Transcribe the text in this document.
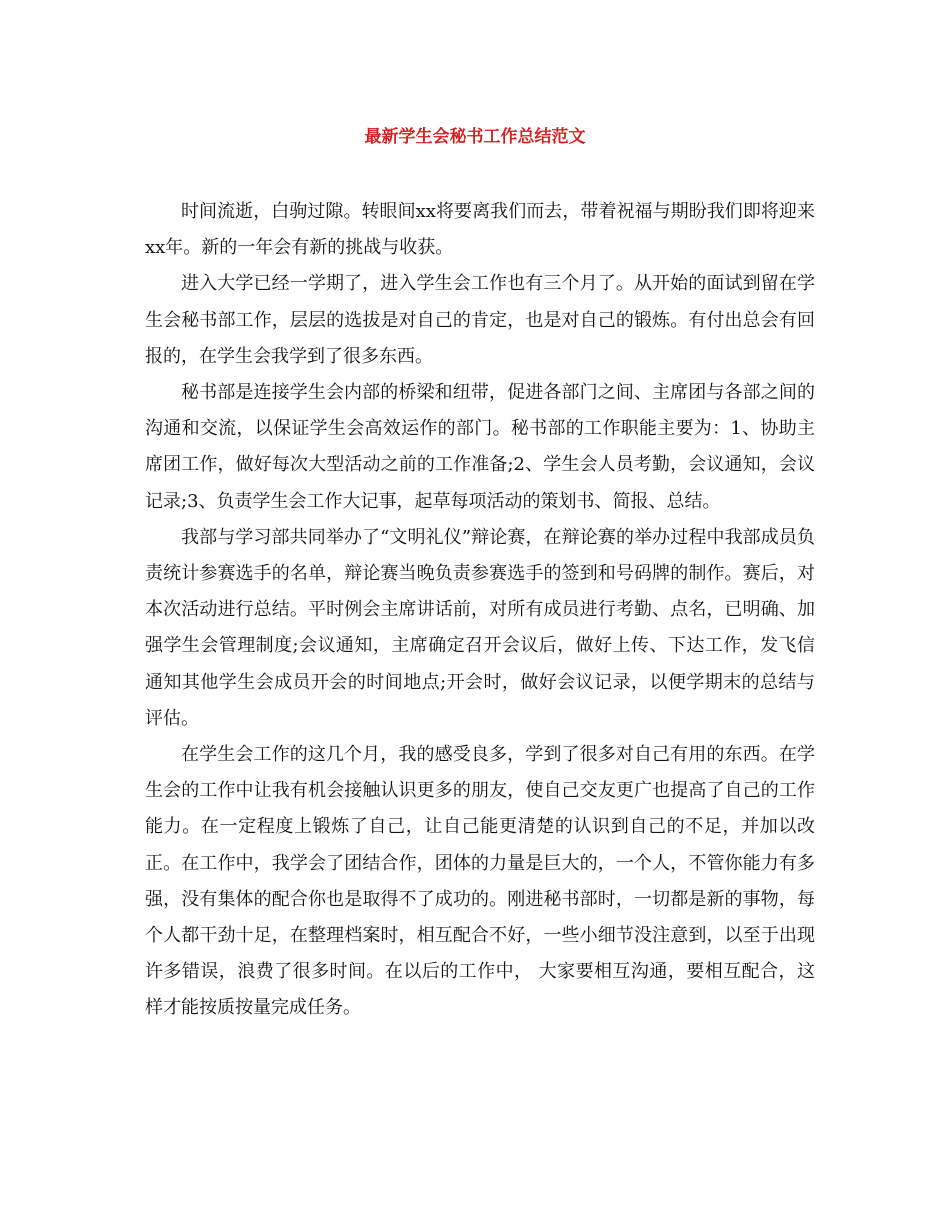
最新学生会秘书工作总结范文

时间流逝，白驹过隙。转眼间xx将要离我们而去，带着祝福与期盼我们即将迎来xx年。新的一年会有新的挑战与收获。

进入大学已经一学期了，进入学生会工作也有三个月了。从开始的面试到留在学生会秘书部工作，层层的选拔是对自己的肯定，也是对自己的锻炼。有付出总会有回报的，在学生会我学到了很多东西。

秘书部是连接学生会内部的桥梁和纽带，促进各部门之间、主席团与各部之间的沟通和交流，以保证学生会高效运作的部门。秘书部的工作职能主要为：1、协助主席团工作，做好每次大型活动之前的工作准备;2、学生会人员考勤，会议通知，会议记录;3、负责学生会工作大记事，起草每项活动的策划书、简报、总结。

我部与学习部共同举办了“文明礼仪”辩论赛，在辩论赛的举办过程中我部成员负责统计参赛选手的名单，辩论赛当晚负责参赛选手的签到和号码牌的制作。赛后，对本次活动进行总结。平时例会主席讲话前，对所有成员进行考勤、点名，已明确、加强学生会管理制度;会议通知，主席确定召开会议后，做好上传、下达工作，发飞信通知其他学生会成员开会的时间地点;开会时，做好会议记录，以便学期末的总结与评估。

在学生会工作的这几个月，我的感受良多，学到了很多对自己有用的东西。在学生会的工作中让我有机会接触认识更多的朋友，使自己交友更广也提高了自己的工作能力。在一定程度上锻炼了自己，让自己能更清楚的认识到自己的不足，并加以改正。在工作中，我学会了团结合作，团体的力量是巨大的，一个人，不管你能力有多强，没有集体的配合你也是取得不了成功的。刚进秘书部时，一切都是新的事物，每个人都干劲十足，在整理档案时，相互配合不好，一些小细节没注意到，以至于出现许多错误，浪费了很多时间。在以后的工作中， 大家要相互沟通，要相互配合，这样才能按质按量完成任务。
